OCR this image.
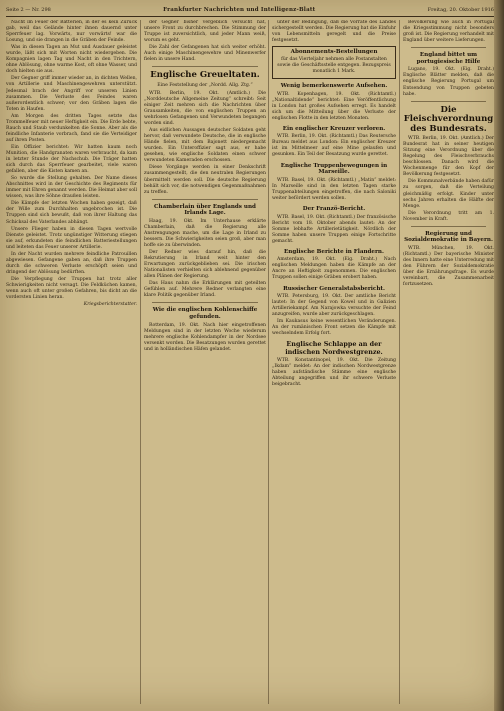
Seite 2 — Nr. 298	Frankfurter Nachrichten und Intelligenz-Blatt	Freitag, 20. Oktober 1916

Nacht im Feuer der Batterien, in der es kein Zurück gab, weil das Gelände hinter ihnen dauernd unter Sperrfeuer lag. Vorwärts, nur vorwärts! war die Losung, und sie drangen in die Gräben der Feinde.

Was in diesen Tagen an Mut und Ausdauer geleistet wurde, läßt sich mit Worten nicht wiedergeben. Die Kompagnien lagen Tag und Nacht in den Trichtern, ohne Ablösung, ohne warme Kost, oft ohne Wasser, und doch hielten sie aus.

Der Gegner griff immer wieder an, in dichten Wellen, von Artillerie und Maschinengewehren unterstützt. Jedesmal brach der Angriff vor unseren Linien zusammen. Die Verluste des Feindes waren außerordentlich schwer; vor den Gräben lagen die Toten in Haufen.

Am Morgen des dritten Tages setzte das Trommelfeuer mit neuer Heftigkeit ein. Die Erde bebte, Rauch und Staub verdunkelten die Sonne. Aber als die feindliche Infanterie vorbrach, fand sie die Verteidiger auf ihren Posten.

Ein Offizier berichtet: Wir hatten kaum noch Munition, die Handgranaten waren verbraucht, da kam in letzter Stunde der Nachschub. Die Träger hatten sich durch das Sperrfeuer gearbeitet, viele waren gefallen, aber die Kisten kamen an.

So wurde die Stellung gehalten. Der Name dieses Abschnittes wird in der Geschichte des Regiments für immer mit Ehren genannt werden. Die Heimat aber soll wissen, was ihre Söhne draußen leisten.

Die Kämpfe der letzten Wochen haben gezeigt, daß der Wille zum Durchhalten ungebrochen ist. Die Truppen sind sich bewußt, daß von ihrer Haltung das Schicksal des Vaterlandes abhängt.

Unsere Flieger haben in diesen Tagen wertvolle Dienste geleistet. Trotz ungünstiger Witterung stiegen sie auf, erkundeten die feindlichen Batteriestellungen und leiteten das Feuer unserer Artillerie.

In der Nacht wurden mehrere feindliche Patrouillen abgewiesen. Gefangene gaben an, daß ihre Truppen durch die schweren Verluste erschöpft seien und dringend der Ablösung bedürften.

Die Verpflegung der Truppen hat trotz aller Schwierigkeiten nicht versagt. Die Feldküchen kamen, wenn auch oft unter großen Gefahren, bis dicht an die vordersten Linien heran.

Kriegsberichterstatter.

der Gegner bisher vergeblich versucht hat, unsere Front zu durchbrechen. Die Stimmung der Truppe ist zuversichtlich, und jeder Mann weiß, worum es geht.

Die Zahl der Gefangenen hat sich weiter erhöht. Auch einige Maschinengewehre und Minenwerfer fielen in unsere Hand.

Englische Greueltaten.
Eine Feststellung der „Nordd. Allg. Ztg.“

WTB. Berlin, 19. Okt. (Amtlich.) Die „Norddeutsche Allgemeine Zeitung“ schreibt: Seit einiger Zeit mehren sich die Nachrichten über Grausamkeiten, die von englischen Truppen an wehrlosen Gefangenen und Verwundeten begangen worden sind.

Aus eidlichen Aussagen deutscher Soldaten geht hervor, daß verwundete Deutsche, die in englische Hände fielen, mit dem Bajonett niedergemacht wurden. Ein Unteroffizier sagt aus, er habe gesehen, wie englische Soldaten einen schwer verwundeten Kameraden erschossen.

Diese Vorgänge werden in einer Denkschrift zusammengestellt, die den neutralen Regierungen übermittelt werden soll. Die deutsche Regierung behält sich vor, die notwendigen Gegenmaßnahmen zu treffen.

Chamberlain über Englands und Irlands Lage.

Haag, 19. Okt. Im Unterhause erklärte Chamberlain, daß die Regierung alle Anstrengungen mache, um die Lage in Irland zu bessern. Die Schwierigkeiten seien groß, aber man hoffe sie zu überwinden.

Der Redner wies darauf hin, daß die Rekrutierung in Irland weit hinter den Erwartungen zurückgeblieben sei. Die irischen Nationalisten verhielten sich ablehnend gegenüber allen Plänen der Regierung.

Das Haus nahm die Erklärungen mit geteilten Gefühlen auf. Mehrere Redner verlangten eine klare Politik gegenüber Irland.

Wie die englischen Kohlenschiffe gefunden.

Rotterdam, 19. Okt. Nach hier eingetroffenen Meldungen sind in der letzten Woche wiederum mehrere englische Kohlendampfer in der Nordsee versenkt worden. Die Besatzungen wurden gerettet und in holländischen Häfen gelandet.

unter der Bedingung, daß die Vorräte des Landes sichergestellt werden. Die Regierung hat die Einfuhr von Lebensmitteln geregelt und die Preise festgesetzt.

Abonnements-Bestellungen

für das Vierteljahr nehmen alle Postanstalten sowie die Geschäftsstelle entgegen. Bezugspreis monatlich 1 Mark.

Wenig bemerkenswerte Aufsehen.

WTB. Kopenhagen, 19. Okt. (Richtamtl.) „Nationaltidende“ berichtet: Eine Veröffentlichung in London hat großes Aufsehen erregt. Es handelt sich um die Mitteilung über die Verluste der englischen Flotte in den letzten Monaten.

Ein englischer Kreuzer verloren.

WTB. Berlin, 19. Okt. (Richtamtl.) Das Reutersche Bureau meldet aus London: Ein englischer Kreuzer ist im Mittelmeer auf eine Mine gelaufen und gesunken. Ein Teil der Besatzung wurde gerettet.

Englische Truppenbewegungen in Marseille.

WTB. Basel, 19. Okt. (Richtamtl.) „Matin“ meldet: In Marseille sind in den letzten Tagen starke Truppenabteilungen eingetroffen, die nach Saloniki weiter befördert werden sollen.

Der Franzö-Bericht.

WTB. Basel, 19. Okt. (Richtamtl.) Der französische Bericht vom 18. Oktober abends lautet: An der Somme lebhafte Artillerietätigkeit. Nördlich der Somme haben unsere Truppen einige Fortschritte gemacht.

Englische Berichte in Flandern.

Amsterdam, 19. Okt. (Eig. Draht.) Nach englischen Meldungen haben die Kämpfe an der Ancre an Heftigkeit zugenommen. Die englischen Truppen sollen einige Gräben erobert haben.

Russischer Generalstabsbericht.

WTB. Petersburg, 19. Okt. Der amtliche Bericht lautet: In der Gegend von Kowel und in Galizien Artilleriekampf. Am Narajowka versuchte der Feind anzugreifen, wurde aber zurückgeschlagen.

Im Kaukasus keine wesentlichen Veränderungen. An der rumänischen Front setzen die Kämpfe mit wechselndem Erfolg fort.

Englische Schlappe an der indischen Nordwestgrenze.

WTB. Konstantinopel, 19. Okt. Die Zeitung „Ikdam“ meldet: An der indischen Nordwestgrenze haben aufständische Stämme eine englische Abteilung angegriffen und ihr schwere Verluste beigebracht.

Bevölkerung wie auch in Portugal die Kriegsstimmung nicht besonders groß ist. Die Regierung verhandelt mit England über weitere Lieferungen.

England bittet um portugiesische Hilfe

Lugano, 19. Okt. (Eig. Draht.) Englische Blätter melden, daß die englische Regierung Portugal um Entsendung von Truppen gebeten habe.

Die Fleischverordnung des Bundesrats.

WTB. Berlin, 19. Okt. (Amtlich.) Der Bundesrat hat in seiner heutigen Sitzung eine Verordnung über die Regelung des Fleischverbrauchs beschlossen. Danach wird die Wochenmenge für den Kopf der Bevölkerung festgesetzt.

Die Kommunalverbände haben dafür zu sorgen, daß die Verteilung gleichmäßig erfolgt. Kinder unter sechs Jahren erhalten die Hälfte der Menge.

Die Verordnung tritt am 1. November in Kraft.

Regierung und Sozialdemokratie in Bayern.

WTB. München, 19. Okt. (Richtamtl.) Der bayerische Minister des Innern hatte eine Unterredung mit den Führern der Sozialdemokratie über die Ernährungsfrage. Es wurde vereinbart, die Zusammenarbeit fortzusetzen.
